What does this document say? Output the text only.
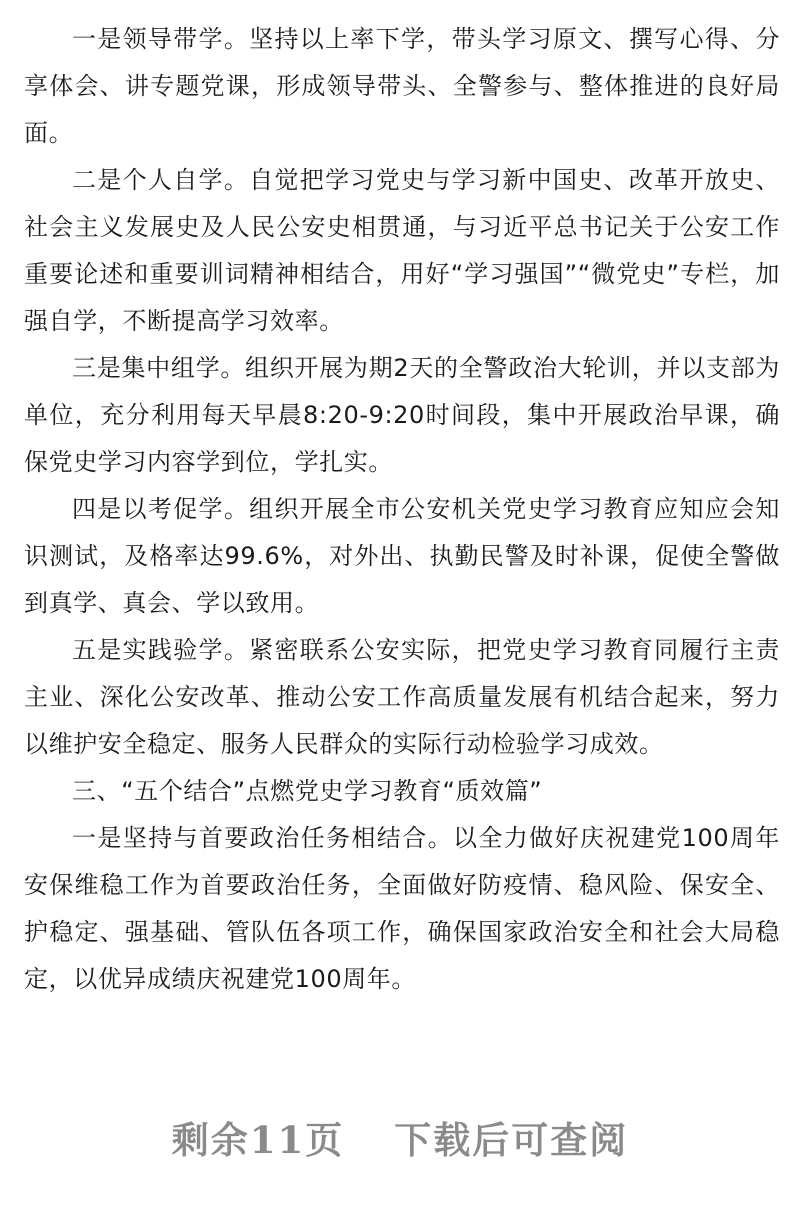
一是领导带学。坚持以上率下学，带头学习原文、撰写心得、分享体会、讲专题党课，形成领导带头、全警参与、整体推进的良好局面。

二是个人自学。自觉把学习党史与学习新中国史、改革开放史、社会主义发展史及人民公安史相贯通，与习近平总书记关于公安工作重要论述和重要训词精神相结合，用好“学习强国”“微党史”专栏，加强自学，不断提高学习效率。

三是集中组学。组织开展为期2天的全警政治大轮训，并以支部为单位，充分利用每天早晨8:20-9:20时间段，集中开展政治早课，确保党史学习内容学到位，学扎实。

四是以考促学。组织开展全市公安机关党史学习教育应知应会知识测试，及格率达99.6%，对外出、执勤民警及时补课，促使全警做到真学、真会、学以致用。

五是实践验学。紧密联系公安实际，把党史学习教育同履行主责主业、深化公安改革、推动公安工作高质量发展有机结合起来，努力以维护安全稳定、服务人民群众的实际行动检验学习成效。

三、“五个结合”点燃党史学习教育“质效篇”

一是坚持与首要政治任务相结合。以全力做好庆祝建党100周年安保维稳工作为首要政治任务，全面做好防疫情、稳风险、保安全、护稳定、强基础、管队伍各项工作，确保国家政治安全和社会大局稳定，以优异成绩庆祝建党100周年。

剩余11页 下载后可查阅
